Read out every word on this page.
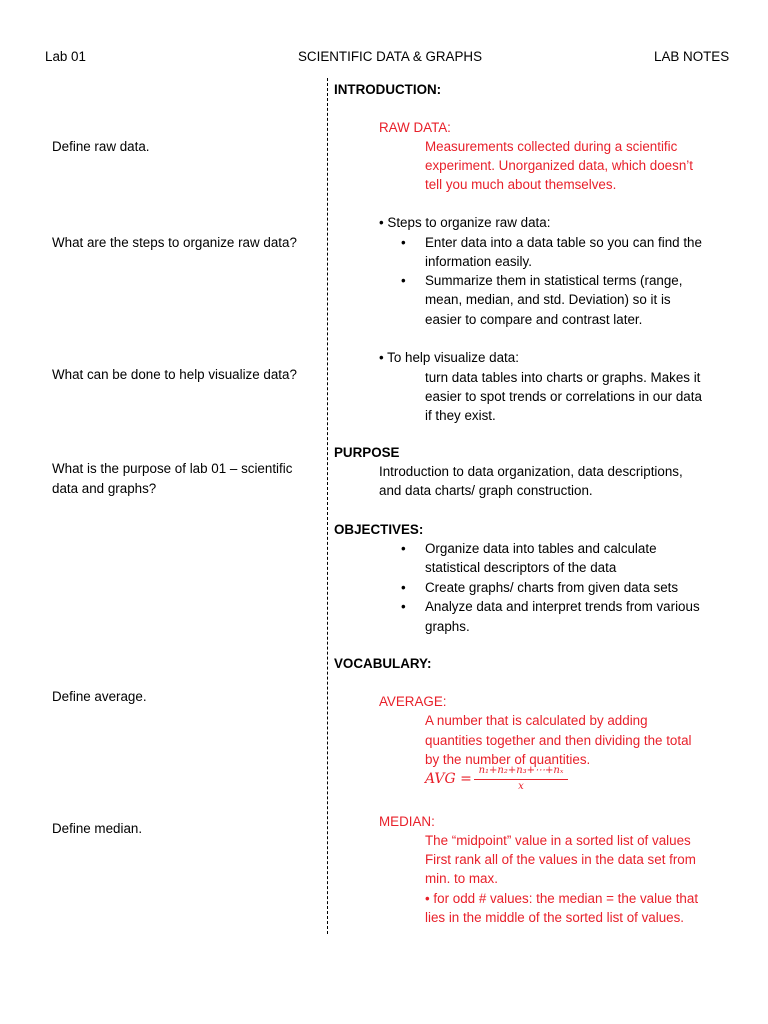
Lab 01	SCIENTIFIC DATA & GRAPHS	LAB NOTES
Define raw data.
What are the steps to organize raw data?
What can be done to help visualize data?
What is the purpose of lab 01 – scientific
data and graphs?
Define average.
Define median.
INTRODUCTION:
RAW DATA:
Measurements collected during a scientific
experiment. Unorganized data, which doesn’t
tell you much about themselves.
• Steps to organize raw data:
• Enter data into a data table so you can find the
information easily.
• Summarize them in statistical terms (range,
mean, median, and std. Deviation) so it is
easier to compare and contrast later.
• To help visualize data:
turn data tables into charts or graphs. Makes it
easier to spot trends or correlations in our data
if they exist.
PURPOSE
Introduction to data organization, data descriptions,
and data charts/ graph construction.
OBJECTIVES:
• Organize data into tables and calculate
statistical descriptors of the data
• Create graphs/ charts from given data sets
• Analyze data and interpret trends from various
graphs.
VOCABULARY:
AVERAGE:
A number that is calculated by adding
quantities together and then dividing the total
by the number of quantities.
AVG =
n₁+n₂+n₃+⋯+nₓ
x
MEDIAN:
The “midpoint” value in a sorted list of values
First rank all of the values in the data set from
min. to max.
• for odd # values: the median = the value that
lies in the middle of the sorted list of values.
